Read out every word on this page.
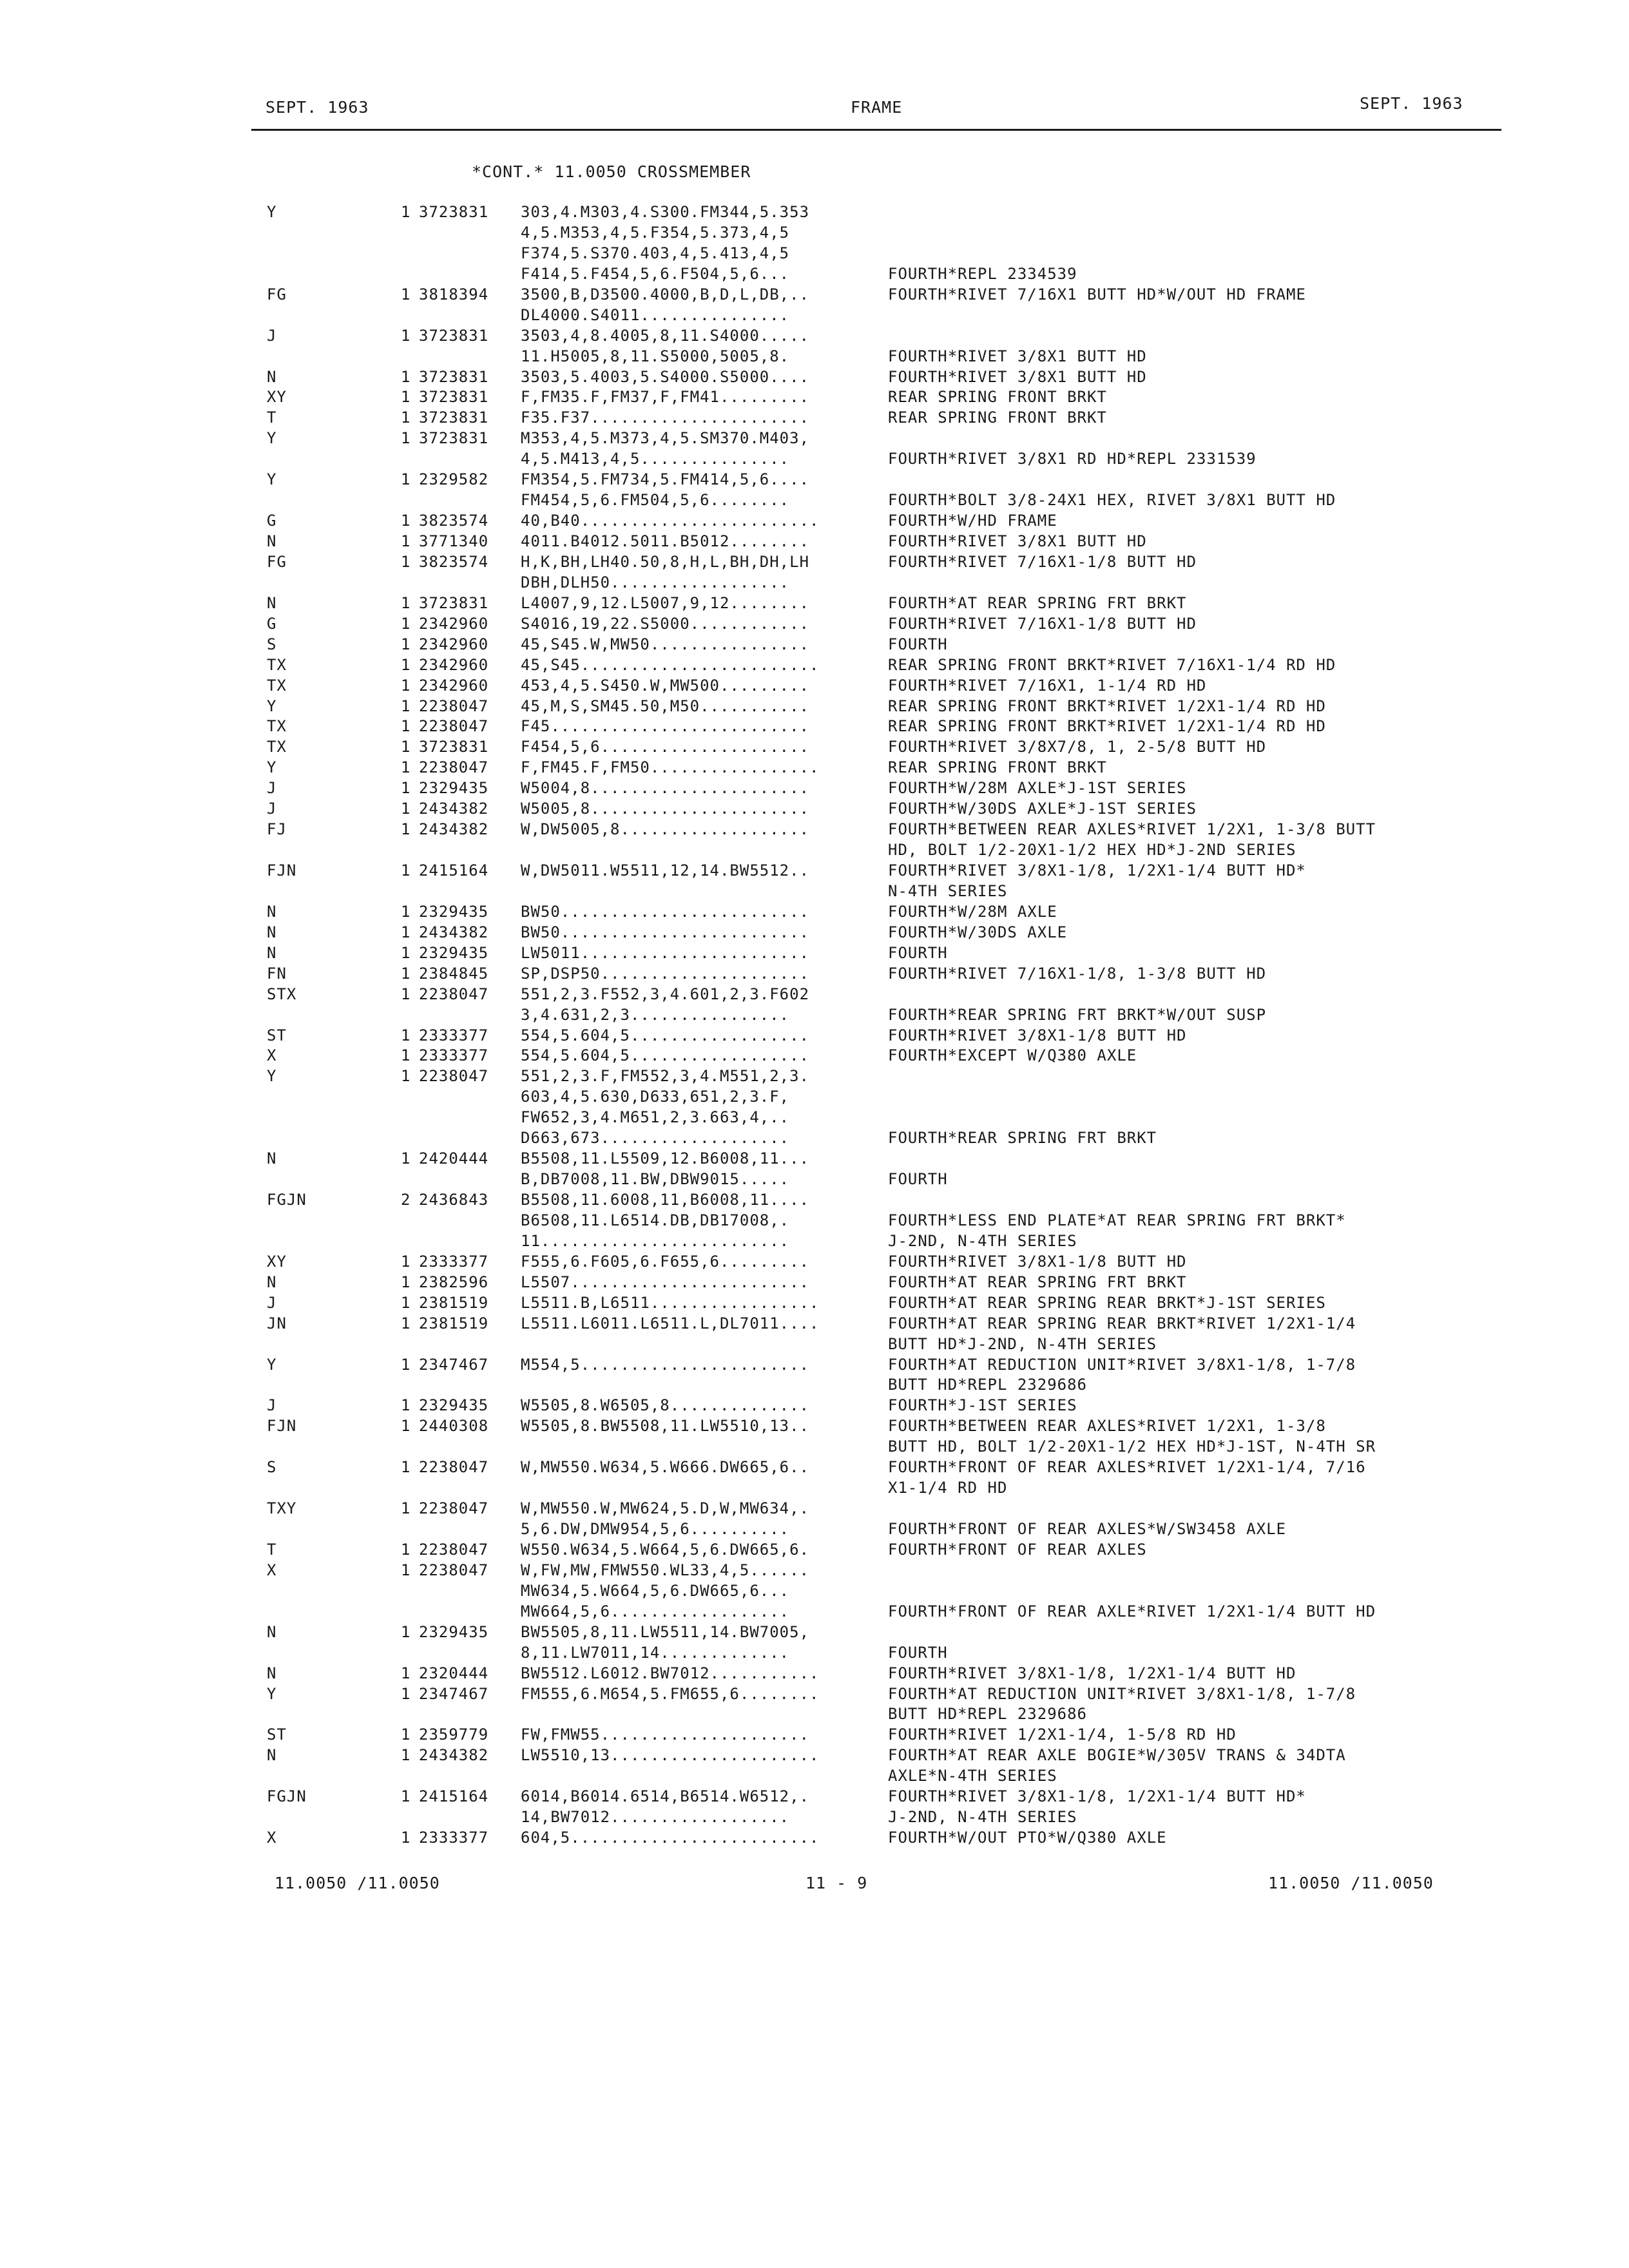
SEPT. 1963	FRAME	SEPT. 1963
*CONT.* 11.0050 CROSSMEMBER
Y	1 3723831 303,4.M303,4.S300.FM344,5.353
4,5.M353,4,5.F354,5.373,4,5
F374,5.S370.403,4,5.413,4,5
F414,5.F454,5,6.F504,5,6...	FOURTH*REPL 2334539
FG	1 3818394 3500,B,D3500.4000,B,D,L,DB,..	FOURTH*RIVET 7/16X1 BUTT HD*W/OUT HD FRAME
DL4000.S4011...............
J	1 3723831 3503,4,8.4005,8,11.S4000.....
11.H5005,8,11.S5000,5005,8.	FOURTH*RIVET 3/8X1 BUTT HD
N	1 3723831 3503,5.4003,5.S4000.S5000....	FOURTH*RIVET 3/8X1 BUTT HD
XY	1 3723831 F,FM35.F,FM37,F,FM41.........	REAR SPRING FRONT BRKT
T	1 3723831 F35.F37......................	REAR SPRING FRONT BRKT
Y	1 3723831 M353,4,5.M373,4,5.SM370.M403,
4,5.M413,4,5...............	FOURTH*RIVET 3/8X1 RD HD*REPL 2331539
Y	1 2329582 FM354,5.FM734,5.FM414,5,6....
FM454,5,6.FM504,5,6........	FOURTH*BOLT 3/8-24X1 HEX, RIVET 3/8X1 BUTT HD
G	1 3823574 40,B40........................	FOURTH*W/HD FRAME
N	1 3771340 4011.B4012.5011.B5012........	FOURTH*RIVET 3/8X1 BUTT HD
FG	1 3823574 H,K,BH,LH40.50,8,H,L,BH,DH,LH	FOURTH*RIVET 7/16X1-1/8 BUTT HD
DBH,DLH50..................
N	1 3723831 L4007,9,12.L5007,9,12........	FOURTH*AT REAR SPRING FRT BRKT
G	1 2342960 S4016,19,22.S5000............	FOURTH*RIVET 7/16X1-1/8 BUTT HD
S	1 2342960 45,S45.W,MW50................	FOURTH
TX	1 2342960 45,S45........................	REAR SPRING FRONT BRKT*RIVET 7/16X1-1/4 RD HD
TX	1 2342960 453,4,5.S450.W,MW500.........	FOURTH*RIVET 7/16X1, 1-1/4 RD HD
Y	1 2238047 45,M,S,SM45.50,M50...........	REAR SPRING FRONT BRKT*RIVET 1/2X1-1/4 RD HD
TX	1 2238047 F45..........................	REAR SPRING FRONT BRKT*RIVET 1/2X1-1/4 RD HD
TX	1 3723831 F454,5,6.....................	FOURTH*RIVET 3/8X7/8, 1, 2-5/8 BUTT HD
Y	1 2238047 F,FM45.F,FM50.................	REAR SPRING FRONT BRKT
J	1 2329435 W5004,8......................	FOURTH*W/28M AXLE*J-1ST SERIES
J	1 2434382 W5005,8......................	FOURTH*W/30DS AXLE*J-1ST SERIES
FJ	1 2434382 W,DW5005,8...................	FOURTH*BETWEEN REAR AXLES*RIVET 1/2X1, 1-3/8 BUTT
HD, BOLT 1/2-20X1-1/2 HEX HD*J-2ND SERIES
FJN	1 2415164 W,DW5011.W5511,12,14.BW5512..	FOURTH*RIVET 3/8X1-1/8, 1/2X1-1/4 BUTT HD*
N-4TH SERIES
N	1 2329435 BW50.........................	FOURTH*W/28M AXLE
N	1 2434382 BW50.........................	FOURTH*W/30DS AXLE
N	1 2329435 LW5011.......................	FOURTH
FN	1 2384845 SP,DSP50.....................	FOURTH*RIVET 7/16X1-1/8, 1-3/8 BUTT HD
STX	1 2238047 551,2,3.F552,3,4.601,2,3.F602
3,4.631,2,3................	FOURTH*REAR SPRING FRT BRKT*W/OUT SUSP
ST	1 2333377 554,5.604,5..................	FOURTH*RIVET 3/8X1-1/8 BUTT HD
X	1 2333377 554,5.604,5..................	FOURTH*EXCEPT W/Q380 AXLE
Y	1 2238047 551,2,3.F,FM552,3,4.M551,2,3.
603,4,5.630,D633,651,2,3.F,
FW652,3,4.M651,2,3.663,4,..
D663,673...................	FOURTH*REAR SPRING FRT BRKT
N	1 2420444 B5508,11.L5509,12.B6008,11...
B,DB7008,11.BW,DBW9015.....	FOURTH
FGJN	2 2436843 B5508,11.6008,11,B6008,11....
B6508,11.L6514.DB,DB17008,.	FOURTH*LESS END PLATE*AT REAR SPRING FRT BRKT*
11.........................	J-2ND, N-4TH SERIES
XY	1 2333377 F555,6.F605,6.F655,6.........	FOURTH*RIVET 3/8X1-1/8 BUTT HD
N	1 2382596 L5507........................	FOURTH*AT REAR SPRING FRT BRKT
J	1 2381519 L5511.B,L6511.................	FOURTH*AT REAR SPRING REAR BRKT*J-1ST SERIES
JN	1 2381519 L5511.L6011.L6511.L,DL7011....	FOURTH*AT REAR SPRING REAR BRKT*RIVET 1/2X1-1/4
BUTT HD*J-2ND, N-4TH SERIES
Y	1 2347467 M554,5.......................	FOURTH*AT REDUCTION UNIT*RIVET 3/8X1-1/8, 1-7/8
BUTT HD*REPL 2329686
J	1 2329435 W5505,8.W6505,8..............	FOURTH*J-1ST SERIES
FJN	1 2440308 W5505,8.BW5508,11.LW5510,13..	FOURTH*BETWEEN REAR AXLES*RIVET 1/2X1, 1-3/8
BUTT HD, BOLT 1/2-20X1-1/2 HEX HD*J-1ST, N-4TH SR
S	1 2238047 W,MW550.W634,5.W666.DW665,6..	FOURTH*FRONT OF REAR AXLES*RIVET 1/2X1-1/4, 7/16
X1-1/4 RD HD
TXY	1 2238047 W,MW550.W,MW624,5.D,W,MW634,.
5,6.DW,DMW954,5,6..........	FOURTH*FRONT OF REAR AXLES*W/SW3458 AXLE
T	1 2238047 W550.W634,5.W664,5,6.DW665,6.	FOURTH*FRONT OF REAR AXLES
X	1 2238047 W,FW,MW,FMW550.WL33,4,5......
MW634,5.W664,5,6.DW665,6...
MW664,5,6..................	FOURTH*FRONT OF REAR AXLE*RIVET 1/2X1-1/4 BUTT HD
N	1 2329435 BW5505,8,11.LW5511,14.BW7005,
8,11.LW7011,14.............	FOURTH
N	1 2320444 BW5512.L6012.BW7012...........	FOURTH*RIVET 3/8X1-1/8, 1/2X1-1/4 BUTT HD
Y	1 2347467 FM555,6.M654,5.FM655,6........	FOURTH*AT REDUCTION UNIT*RIVET 3/8X1-1/8, 1-7/8
BUTT HD*REPL 2329686
ST	1 2359779 FW,FMW55.....................	FOURTH*RIVET 1/2X1-1/4, 1-5/8 RD HD
N	1 2434382 LW5510,13.....................	FOURTH*AT REAR AXLE BOGIE*W/305V TRANS & 34DTA
AXLE*N-4TH SERIES
FGJN	1 2415164 6014,B6014.6514,B6514.W6512,.	FOURTH*RIVET 3/8X1-1/8, 1/2X1-1/4 BUTT HD*
14,BW7012..................	J-2ND, N-4TH SERIES
X	1 2333377 604,5.........................	FOURTH*W/OUT PTO*W/Q380 AXLE
11.0050 /11.0050	11 - 9	11.0050 /11.0050
